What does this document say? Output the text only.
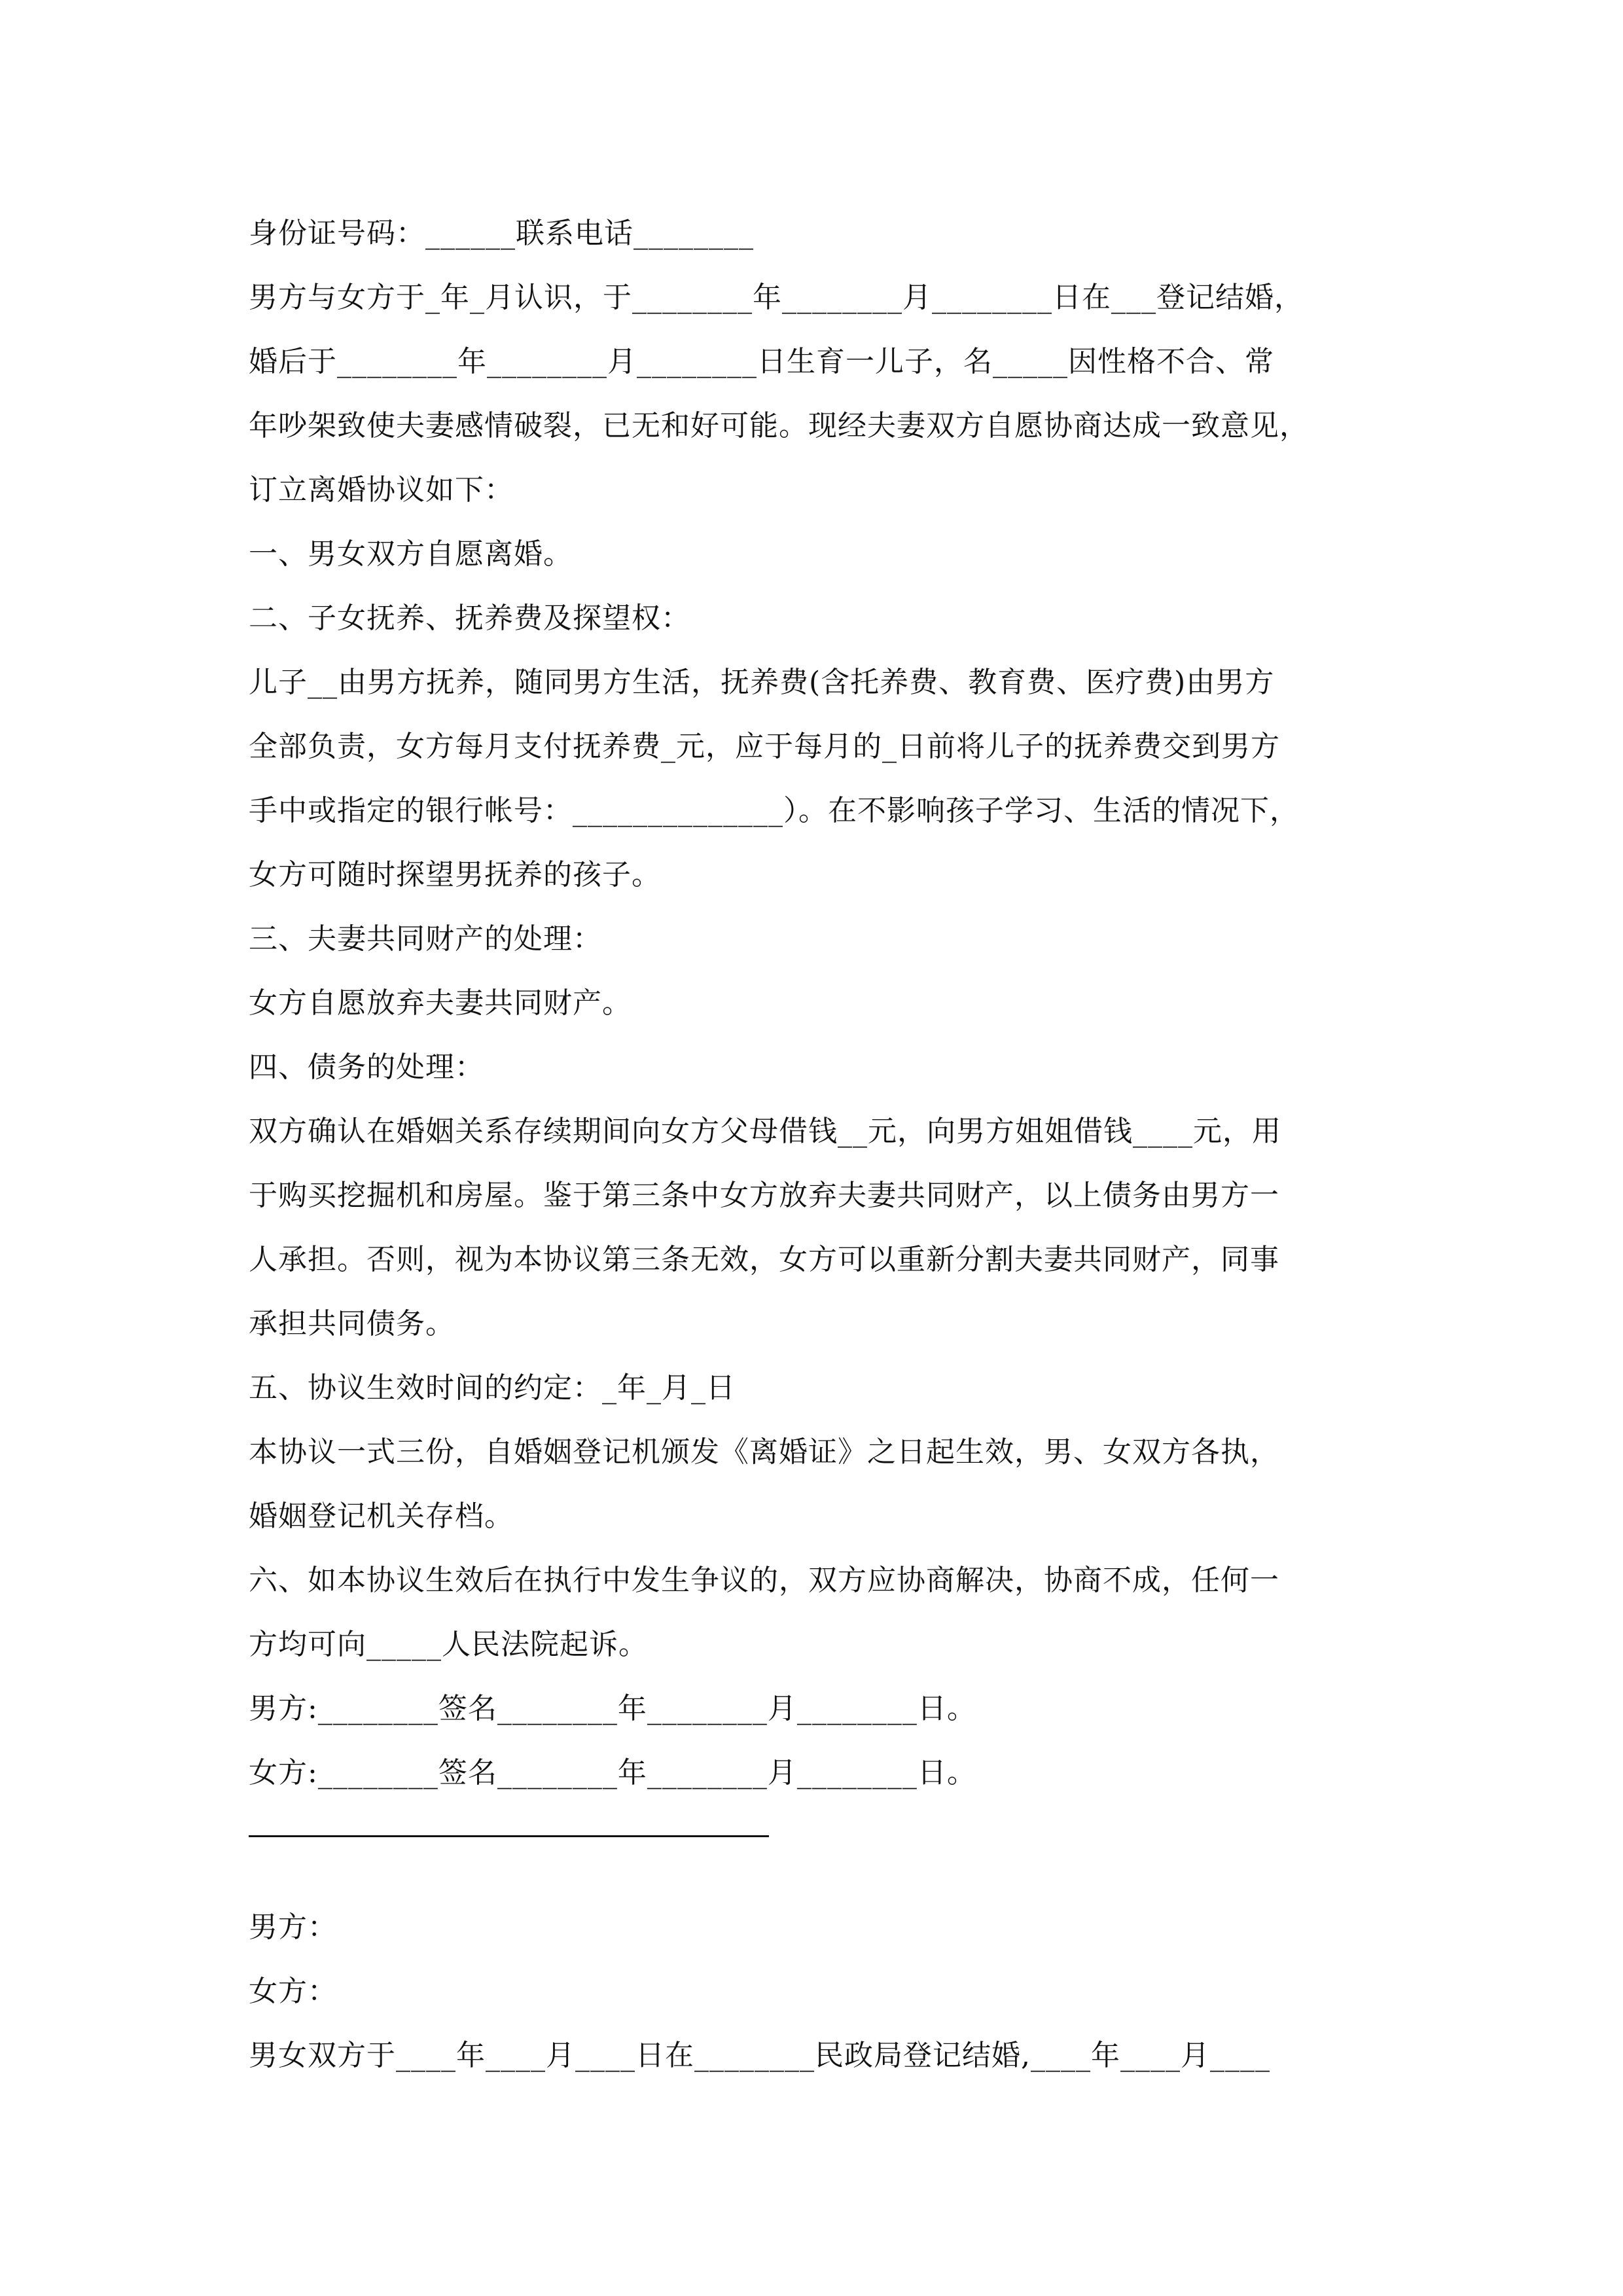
身份证号码：______联系电话________
男方与女方于_年_月认识，于________年________月________日在___登记结婚，
婚后于________年________月________日生育一儿子，名_____因性格不合、常
年吵架致使夫妻感情破裂，已无和好可能。现经夫妻双方自愿协商达成一致意见，
订立离婚协议如下：
一、男女双方自愿离婚。
二、子女抚养、抚养费及探望权：
儿子__由男方抚养，随同男方生活，抚养费(含托养费、教育费、医疗费)由男方
全部负责，女方每月支付抚养费_元，应于每月的_日前将儿子的抚养费交到男方
手中或指定的银行帐号：______________）。在不影响孩子学习、生活的情况下，
女方可随时探望男抚养的孩子。
三、夫妻共同财产的处理：
女方自愿放弃夫妻共同财产。
四、债务的处理：
双方确认在婚姻关系存续期间向女方父母借钱__元，向男方姐姐借钱____元，用
于购买挖掘机和房屋。鉴于第三条中女方放弃夫妻共同财产，以上债务由男方一
人承担。否则，视为本协议第三条无效，女方可以重新分割夫妻共同财产，同事
承担共同债务。
五、协议生效时间的约定：_年_月_日
本协议一式三份，自婚姻登记机颁发《离婚证》之日起生效，男、女双方各执，
婚姻登记机关存档。
六、如本协议生效后在执行中发生争议的，双方应协商解决，协商不成，任何一
方均可向_____人民法院起诉。
男方:________签名________年________月________日。
女方:________签名________年________月________日。
男方：
女方：
男女双方于____年____月____日在________民政局登记结婚,____年____月____
